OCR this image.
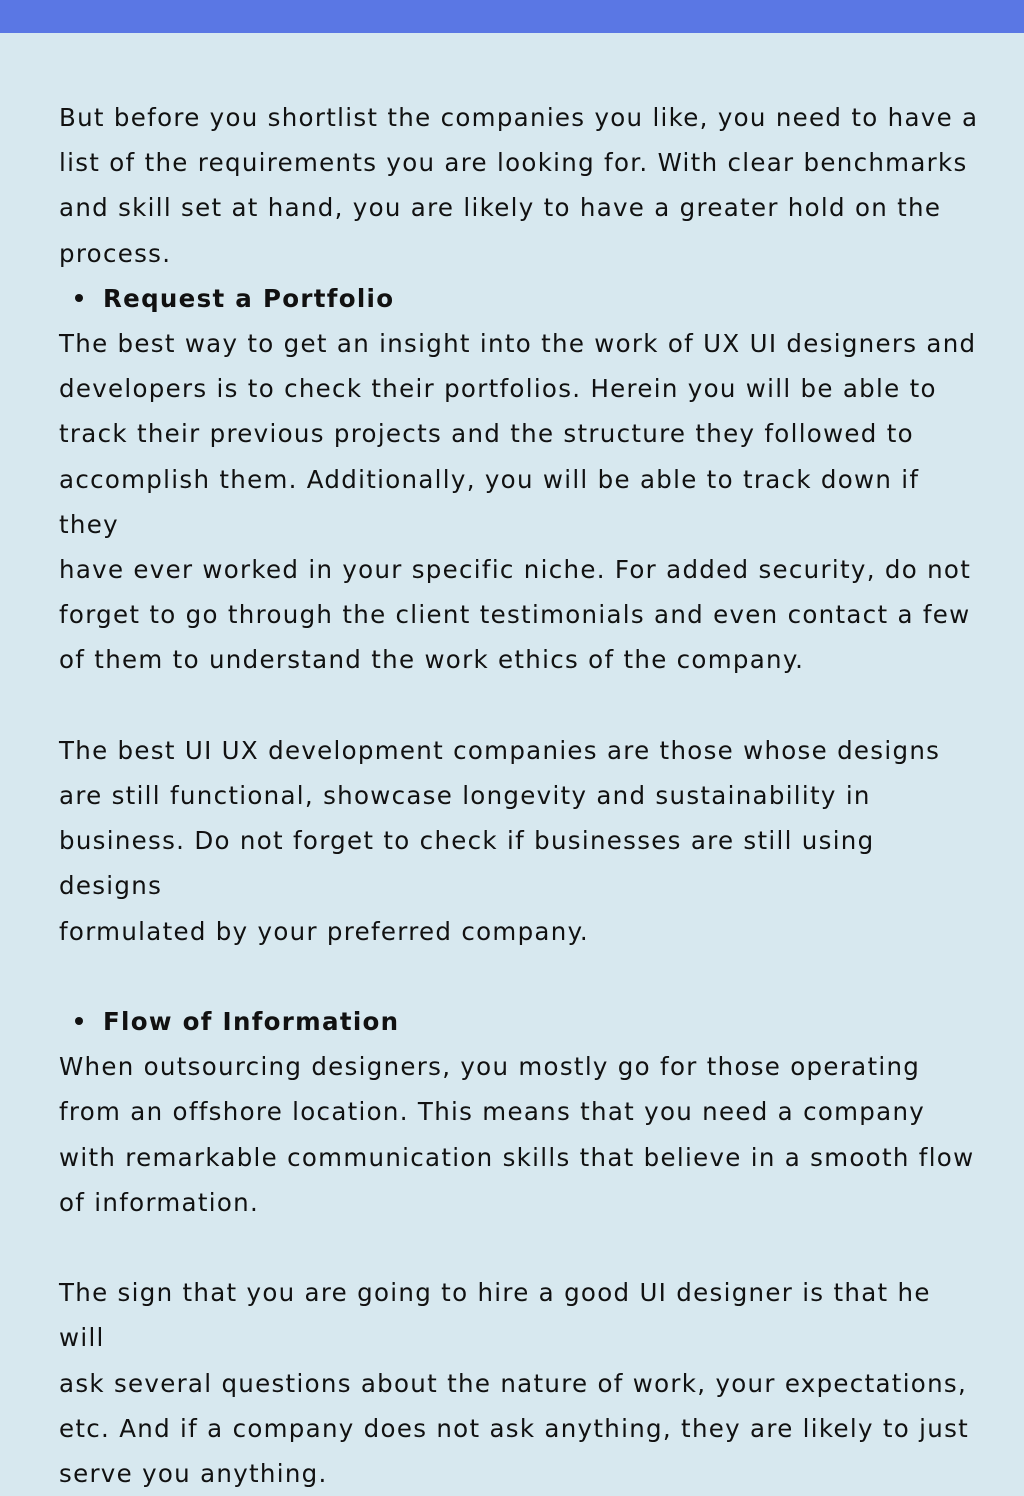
But before you shortlist the companies you like, you need to have a
list of the requirements you are looking for. With clear benchmarks
and skill set at hand, you are likely to have a greater hold on the
process.

Request a Portfolio

The best way to get an insight into the work of UX UI designers and
developers is to check their portfolios. Herein you will be able to
track their previous projects and the structure they followed to
accomplish them. Additionally, you will be able to track down if they
have ever worked in your specific niche. For added security, do not
forget to go through the client testimonials and even contact a few
of them to understand the work ethics of the company.

The best UI UX development companies are those whose designs
are still functional, showcase longevity and sustainability in
business. Do not forget to check if businesses are still using designs
formulated by your preferred company.

Flow of Information

When outsourcing designers, you mostly go for those operating
from an offshore location. This means that you need a company
with remarkable communication skills that believe in a smooth flow
of information.

The sign that you are going to hire a good UI designer is that he will
ask several questions about the nature of work, your expectations,
etc. And if a company does not ask anything, they are likely to just
serve you anything.
